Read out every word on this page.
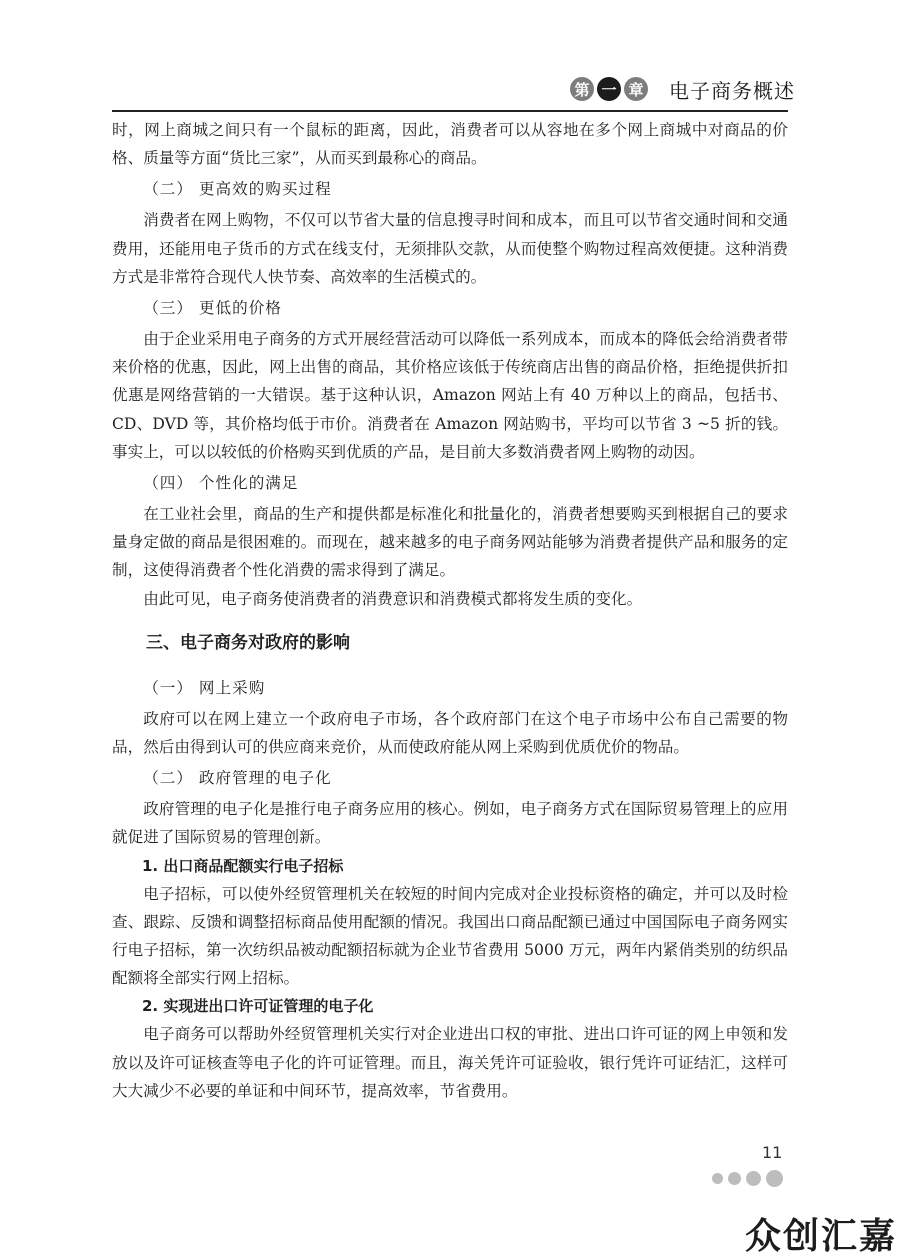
第 一 章 电子商务概述

时，网上商城之间只有一个鼠标的距离，因此，消费者可以从容地在多个网上商城中对商品的价格、质量等方面“货比三家”，从而买到最称心的商品。

（二） 更高效的购买过程

消费者在网上购物，不仅可以节省大量的信息搜寻时间和成本，而且可以节省交通时间和交通费用，还能用电子货币的方式在线支付，无须排队交款，从而使整个购物过程高效便捷。这种消费方式是非常符合现代人快节奏、高效率的生活模式的。

（三） 更低的价格

由于企业采用电子商务的方式开展经营活动可以降低一系列成本，而成本的降低会给消费者带来价格的优惠，因此，网上出售的商品，其价格应该低于传统商店出售的商品价格，拒绝提供折扣优惠是网络营销的一大错误。基于这种认识，Amazon 网站上有 40 万种以上的商品，包括书、CD、DVD 等，其价格均低于市价。消费者在 Amazon 网站购书，平均可以节省 3 ~5 折的钱。事实上，可以以较低的价格购买到优质的产品，是目前大多数消费者网上购物的动因。

（四） 个性化的满足

在工业社会里，商品的生产和提供都是标准化和批量化的，消费者想要购买到根据自己的要求量身定做的商品是很困难的。而现在，越来越多的电子商务网站能够为消费者提供产品和服务的定制，这使得消费者个性化消费的需求得到了满足。

由此可见，电子商务使消费者的消费意识和消费模式都将发生质的变化。

三、电子商务对政府的影响
（一） 网上采购

政府可以在网上建立一个政府电子市场，各个政府部门在这个电子市场中公布自己需要的物品，然后由得到认可的供应商来竞价，从而使政府能从网上采购到优质优价的物品。

（二） 政府管理的电子化

政府管理的电子化是推行电子商务应用的核心。例如，电子商务方式在国际贸易管理上的应用就促进了国际贸易的管理创新。

1. 出口商品配额实行电子招标

电子招标，可以使外经贸管理机关在较短的时间内完成对企业投标资格的确定，并可以及时检查、跟踪、反馈和调整招标商品使用配额的情况。我国出口商品配额已通过中国国际电子商务网实行电子招标，第一次纺织品被动配额招标就为企业节省费用 5000 万元，两年内紧俏类别的纺织品配额将全部实行网上招标。

2. 实现进出口许可证管理的电子化

电子商务可以帮助外经贸管理机关实行对企业进出口权的审批、进出口许可证的网上申领和发放以及许可证核查等电子化的许可证管理。而且，海关凭许可证验收，银行凭许可证结汇，这样可大大减少不必要的单证和中间环节，提高效率，节省费用。

11
众创汇嘉
